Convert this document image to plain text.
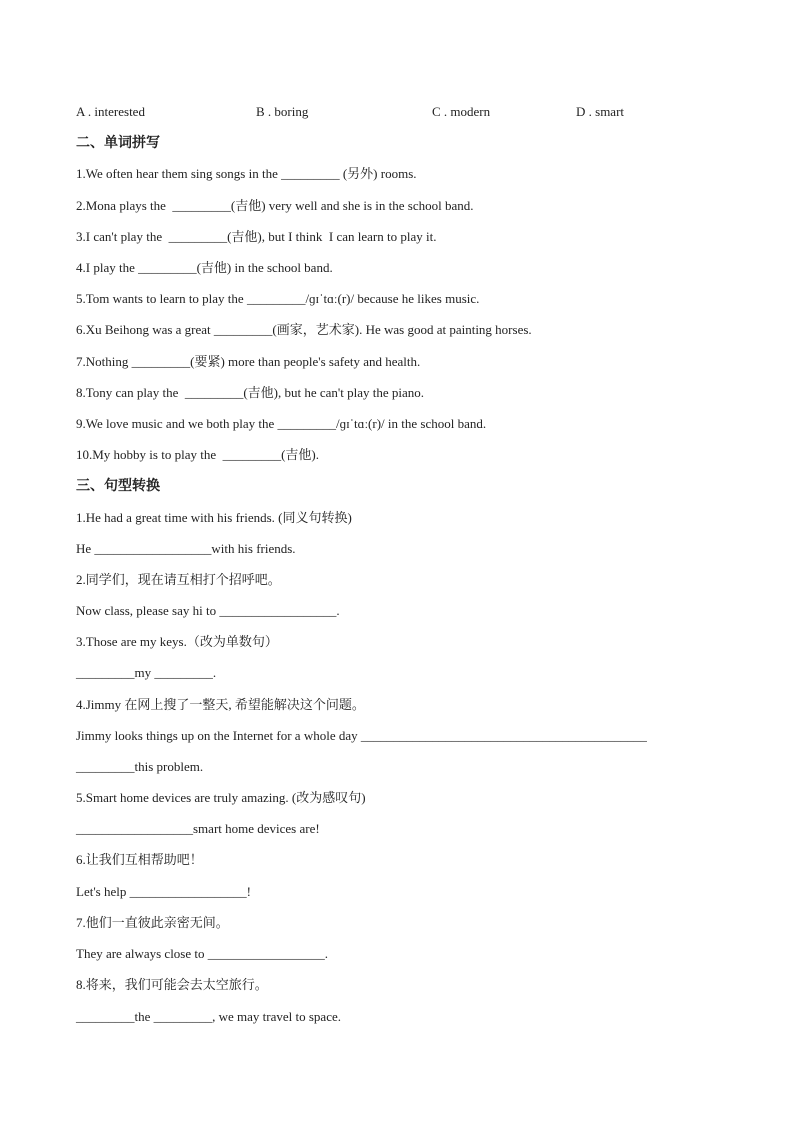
A . interested	B . boring	C . modern	D . smart
二、单词拼写
1.We often hear them sing songs in the _________ (另外) rooms.
2.Mona plays the  _________(吉他) very well and she is in the school band.
3.I can't play the  _________(吉他), but I think  I can learn to play it.
4.I play the _________(吉他) in the school band.
5.Tom wants to learn to play the _________/ɡɪˈtɑː(r)/ because he likes music.
6.Xu Beihong was a great _________(画家，艺术家). He was good at painting horses.
7.Nothing _________(要紧) more than people's safety and health.
8.Tony can play the  _________(吉他), but he can't play the piano.
9.We love music and we both play the _________/ɡɪˈtɑː(r)/ in the school band.
10.My hobby is to play the  _________(吉他).
三、句型转换
1.He had a great time with his friends. (同义句转换)
He __________________with his friends.
2.同学们，现在请互相打个招呼吧。
Now class, please say hi to __________________.
3.Those are my keys.（改为单数句）
_________my _________.
4.Jimmy 在网上搜了一整天, 希望能解决这个问题。
Jimmy looks things up on the Internet for a whole day ____________________________________________
_________this problem.
5.Smart home devices are truly amazing. (改为感叹句)
__________________smart home devices are!
6.让我们互相帮助吧！
Let's help __________________!
7.他们一直彼此亲密无间。
They are always close to __________________.
8.将来，我们可能会去太空旅行。
_________the _________, we may travel to space.
